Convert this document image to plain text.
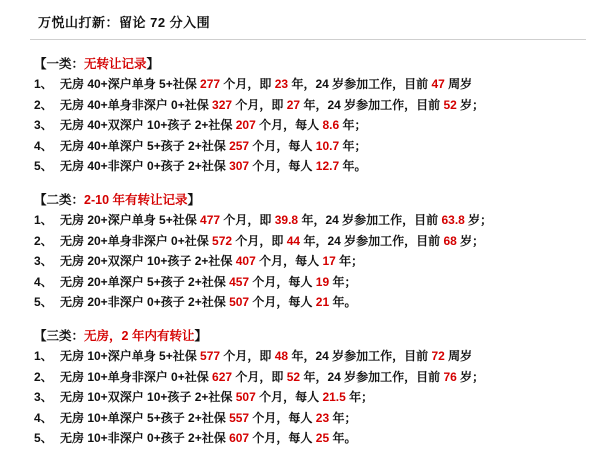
万悦山打新：留论 72 分入围
【一类：无转让记录】
1、 无房 40+深户单身 5+社保 277 个月，即 23 年，24 岁参加工作，目前 47 周岁
2、 无房 40+单身非深户 0+社保 327 个月，即 27 年，24 岁参加工作，目前 52 岁；
3、 无房 40+双深户 10+孩子 2+社保 207 个月，每人 8.6 年；
4、 无房 40+单深户 5+孩子 2+社保 257 个月，每人 10.7 年；
5、 无房 40+非深户 0+孩子 2+社保 307 个月，每人 12.7 年。
【二类：2-10 年有转让记录】
1、 无房 20+深户单身 5+社保 477 个月，即 39.8 年，24 岁参加工作，目前 63.8 岁；
2、 无房 20+单身非深户 0+社保 572 个月，即 44 年，24 岁参加工作，目前 68 岁；
3、 无房 20+双深户 10+孩子 2+社保 407 个月，每人 17 年；
4、 无房 20+单深户 5+孩子 2+社保 457 个月，每人 19 年；
5、 无房 20+非深户 0+孩子 2+社保 507 个月，每人 21 年。
【三类：无房，2 年内有转让】
1、 无房 10+深户单身 5+社保 577 个月，即 48 年，24 岁参加工作，目前 72 周岁
2、 无房 10+单身非深户 0+社保 627 个月，即 52 年，24 岁参加工作，目前 76 岁；
3、 无房 10+双深户 10+孩子 2+社保 507 个月，每人 21.5 年；
4、 无房 10+单深户 5+孩子 2+社保 557 个月，每人 23 年；
5、 无房 10+非深户 0+孩子 2+社保 607 个月，每人 25 年。
